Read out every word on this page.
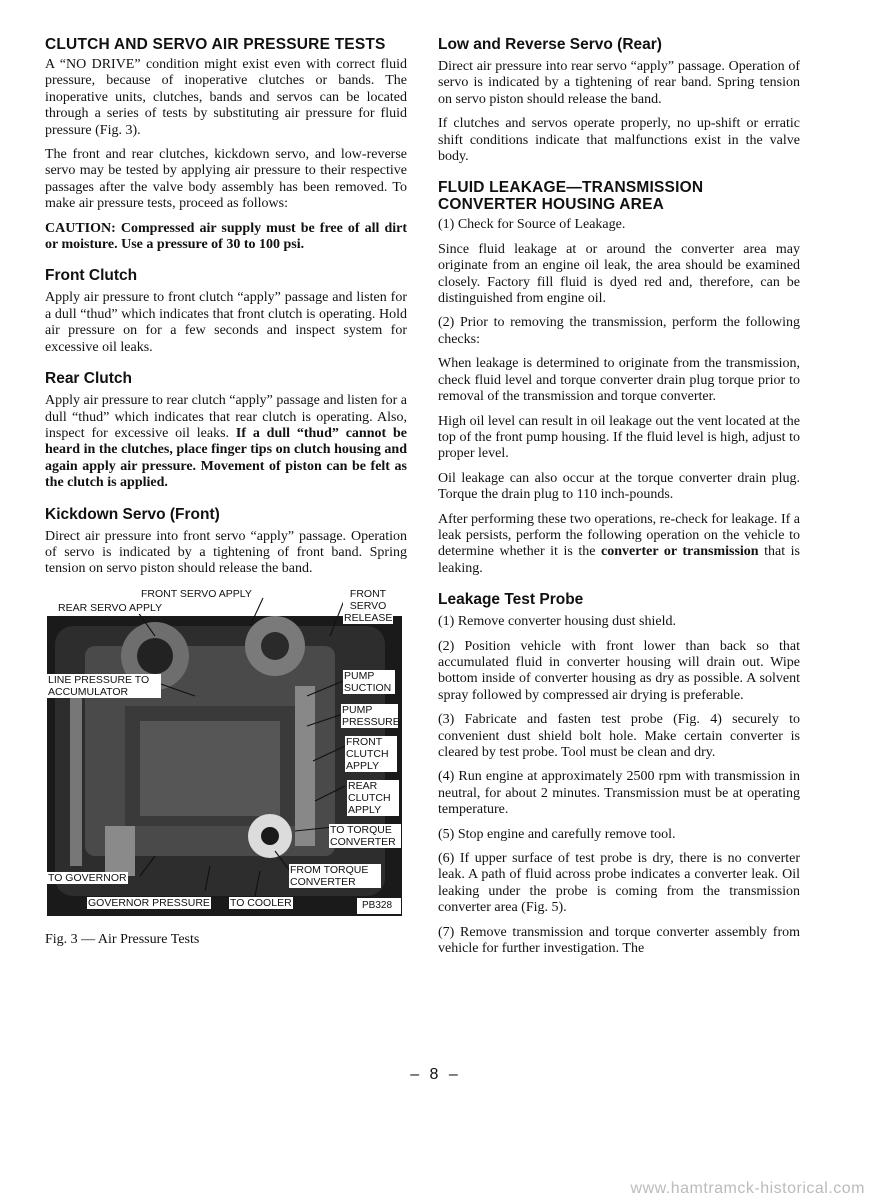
CLUTCH AND SERVO AIR PRESSURE TESTS

A “NO DRIVE” condition might exist even with correct fluid pressure, because of inoperative clutches or bands. The inoperative units, clutches, bands and servos can be located through a series of tests by substituting air pressure for fluid pressure (Fig. 3).

The front and rear clutches, kickdown servo, and low-reverse servo may be tested by applying air pressure to their respective passages after the valve body assembly has been removed. To make air pressure tests, proceed as follows:

CAUTION: Compressed air supply must be free of all dirt or moisture. Use a pressure of 30 to 100 psi.

Front Clutch

Apply air pressure to front clutch “apply” passage and listen for a dull “thud” which indicates that front clutch is operating. Hold air pressure on for a few seconds and inspect system for excessive oil leaks.

Rear Clutch

Apply air pressure to rear clutch “apply” passage and listen for a dull “thud” which indicates that rear clutch is operating. Also, inspect for excessive oil leaks. If a dull “thud” cannot be heard in the clutches, place finger tips on clutch housing and again apply air pressure. Movement of piston can be felt as the clutch is applied.

Kickdown Servo (Front)

Direct air pressure into front servo “apply” passage. Operation of servo is indicated by a tightening of front band. Spring tension on servo piston should release the band.

FRONT SERVO APPLY
REAR SERVO APPLY
FRONT SERVO RELEASE
LINE PRESSURE TO ACCUMULATOR
PUMP SUCTION
PUMP PRESSURE
FRONT CLUTCH APPLY
REAR CLUTCH APPLY
TO TORQUE CONVERTER
FROM TORQUE CONVERTER
TO GOVERNOR
GOVERNOR PRESSURE TO COOLER	PB328

Fig. 3 — Air Pressure Tests

Low and Reverse Servo (Rear)

Direct air pressure into rear servo “apply” passage. Operation of servo is indicated by a tightening of rear band. Spring tension on servo piston should release the band.

If clutches and servos operate properly, no up-shift or erratic shift conditions indicate that malfunctions exist in the valve body.

FLUID LEAKAGE—TRANSMISSION CONVERTER HOUSING AREA

(1) Check for Source of Leakage.

Since fluid leakage at or around the converter area may originate from an engine oil leak, the area should be examined closely. Factory fill fluid is dyed red and, therefore, can be distinguished from engine oil.

(2) Prior to removing the transmission, perform the following checks:

When leakage is determined to originate from the transmission, check fluid level and torque converter drain plug torque prior to removal of the transmission and torque converter.

High oil level can result in oil leakage out the vent located at the top of the front pump housing. If the fluid level is high, adjust to proper level.

Oil leakage can also occur at the torque converter drain plug. Torque the drain plug to 110 inch-pounds.

After performing these two operations, re-check for leakage. If a leak persists, perform the following operation on the vehicle to determine whether it is the converter or transmission that is leaking.

Leakage Test Probe

(1) Remove converter housing dust shield.

(2) Position vehicle with front lower than back so that accumulated fluid in converter housing will drain out. Wipe bottom inside of converter housing as dry as possible. A solvent spray followed by compressed air drying is preferable.

(3) Fabricate and fasten test probe (Fig. 4) securely to convenient dust shield bolt hole. Make certain converter is cleared by test probe. Tool must be clean and dry.

(4) Run engine at approximately 2500 rpm with transmission in neutral, for about 2 minutes. Transmission must be at operating temperature.

(5) Stop engine and carefully remove tool.

(6) If upper surface of test probe is dry, there is no converter leak. A path of fluid across probe indicates a converter leak. Oil leaking under the probe is coming from the transmission converter area (Fig. 5).

(7) Remove transmission and torque converter assembly from vehicle for further investigation. The

– 8 –
www.hamtramck-historical.com
